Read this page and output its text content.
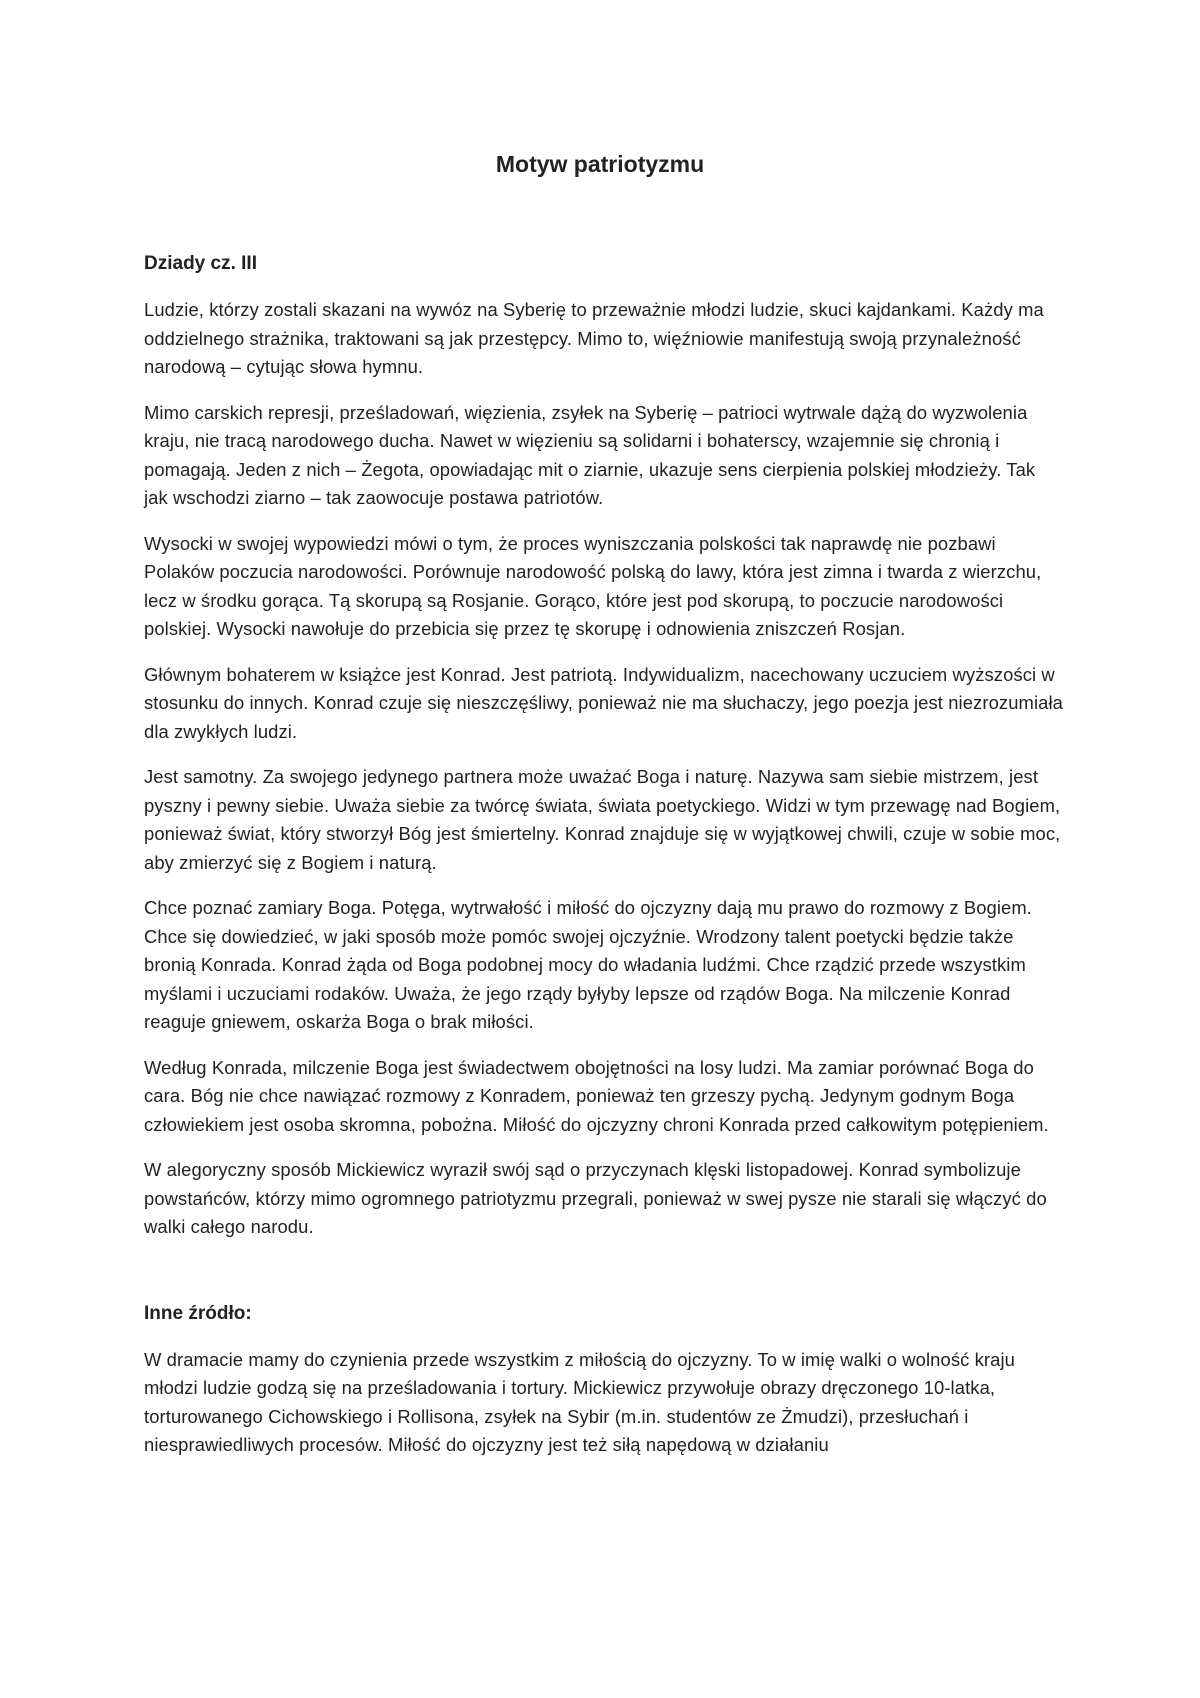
Motyw patriotyzmu
Dziady cz. III

Ludzie, którzy zostali skazani na wywóz na Syberię to przeważnie młodzi ludzie, skuci kajdankami. Każdy ma oddzielnego strażnika, traktowani są jak przestępcy. Mimo to, więźniowie manifestują swoją przynależność narodową – cytując słowa hymnu.

Mimo carskich represji, prześladowań, więzienia, zsyłek na Syberię – patrioci wytrwale dążą do wyzwolenia kraju, nie tracą narodowego ducha. Nawet w więzieniu są solidarni i bohaterscy, wzajemnie się chronią i pomagają. Jeden z nich – Żegota, opowiadając mit o ziarnie, ukazuje sens cierpienia polskiej młodzieży. Tak jak wschodzi ziarno – tak zaowocuje postawa patriotów.

Wysocki w swojej wypowiedzi mówi o tym, że proces wyniszczania polskości tak naprawdę nie pozbawi Polaków poczucia narodowości. Porównuje narodowość polską do lawy, która jest zimna i twarda z wierzchu, lecz w środku gorąca. Tą skorupą są Rosjanie. Gorąco, które jest pod skorupą, to poczucie narodowości polskiej. Wysocki nawołuje do przebicia się przez tę skorupę i odnowienia zniszczeń Rosjan.

Głównym bohaterem w książce jest Konrad. Jest patriotą. Indywidualizm, nacechowany uczuciem wyższości w stosunku do innych. Konrad czuje się nieszczęśliwy, ponieważ nie ma słuchaczy, jego poezja jest niezrozumiała dla zwykłych ludzi.

Jest samotny. Za swojego jedynego partnera może uważać Boga i naturę. Nazywa sam siebie mistrzem, jest pyszny i pewny siebie. Uważa siebie za twórcę świata, świata poetyckiego. Widzi w tym przewagę nad Bogiem, ponieważ świat, który stworzył Bóg jest śmiertelny. Konrad znajduje się w wyjątkowej chwili, czuje w sobie moc, aby zmierzyć się z Bogiem i naturą.

Chce poznać zamiary Boga. Potęga, wytrwałość i miłość do ojczyzny dają mu prawo do rozmowy z Bogiem. Chce się dowiedzieć, w jaki sposób może pomóc swojej ojczyźnie. Wrodzony talent poetycki będzie także bronią Konrada. Konrad żąda od Boga podobnej mocy do władania ludźmi. Chce rządzić przede wszystkim myślami i uczuciami rodaków. Uważa, że jego rządy byłyby lepsze od rządów Boga. Na milczenie Konrad reaguje gniewem, oskarża Boga o brak miłości.

Według Konrada, milczenie Boga jest świadectwem obojętności na losy ludzi. Ma zamiar porównać Boga do cara. Bóg nie chce nawiązać rozmowy z Konradem, ponieważ ten grzeszy pychą. Jedynym godnym Boga człowiekiem jest osoba skromna, pobożna. Miłość do ojczyzny chroni Konrada przed całkowitym potępieniem.

W alegoryczny sposób Mickiewicz wyraził swój sąd o przyczynach klęski listopadowej. Konrad symbolizuje powstańców, którzy mimo ogromnego patriotyzmu przegrali, ponieważ w swej pysze nie starali się włączyć do walki całego narodu.

Inne źródło:

W dramacie mamy do czynienia przede wszystkim z miłością do ojczyzny. To w imię walki o wolność kraju młodzi ludzie godzą się na prześladowania i tortury. Mickiewicz przywołuje obrazy dręczonego 10-latka, torturowanego Cichowskiego i Rollisona, zsyłek na Sybir (m.in. studentów ze Żmudzi), przesłuchań i niesprawiedliwych procesów. Miłość do ojczyzny jest też siłą napędową w działaniu
